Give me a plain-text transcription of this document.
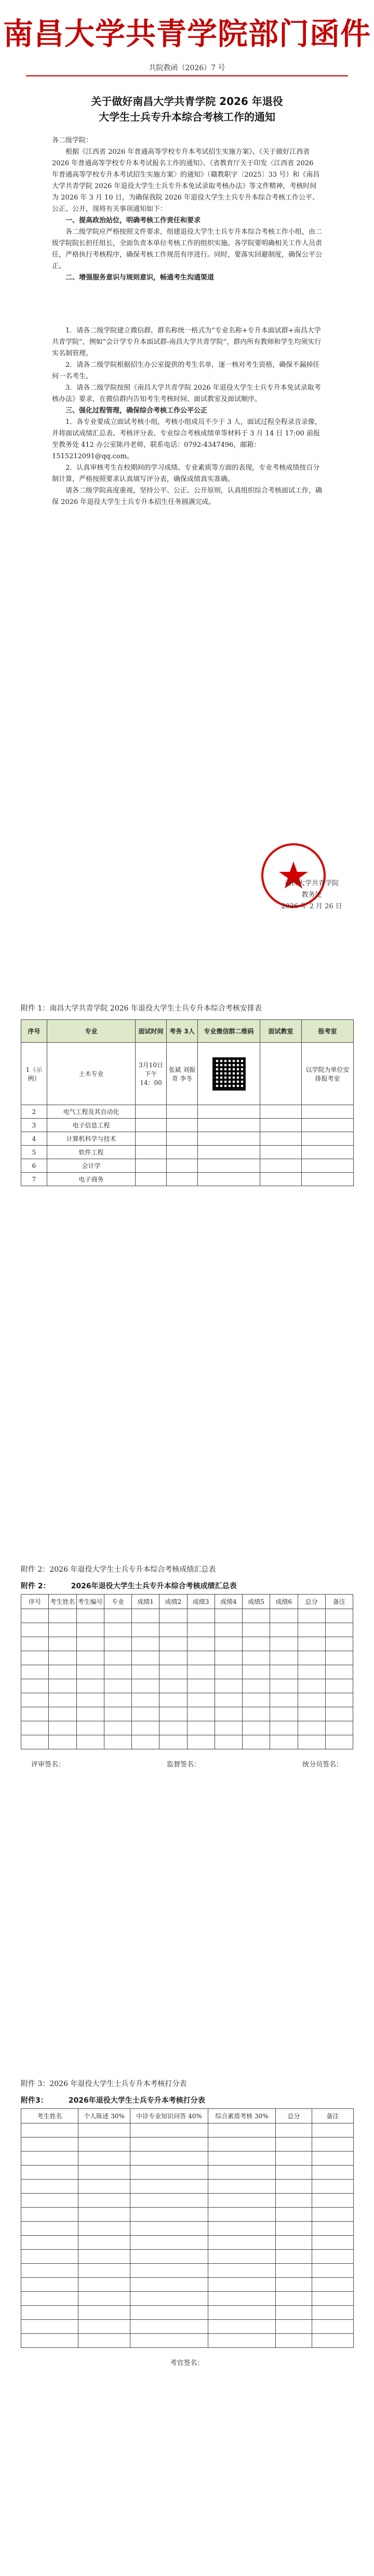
南昌大学共青学院部门函件
共院教函（2026）7 号
关于做好南昌大学共青学院 2026 年退役
大学生士兵专升本综合考核工作的通知

各二级学院：

根据《江西省 2026 年普通高等学校专升本考试招生实施方案》、《关于做好江西省 2026 年普通高等学校专升本考试报名工作的通知》、《省教育厅关于印发〈江西省 2026 年普通高等学校专升本考试招生实施方案〉的通知》（赣教职字〔2025〕33 号）和《南昌大学共青学院 2026 年退役大学生士兵专升本免试录取考核办法》等文件精神，考核时间为 2026 年 3 月 10 日，为确保我院 2026 年退役大学生士兵专升本综合考核工作公平、公正、公开，现将有关事项通知如下：

一、提高政治站位，明确考核工作责任和要求

各二级学院应严格按照文件要求，组建退役大学生士兵专升本综合考核工作小组，由二级学院院长担任组长，全面负责本单位考核工作的组织实施。各学院要明确相关工作人员责任，严格执行考核程序，确保考核工作规范有序进行。同时，要落实回避制度，确保公平公正。

二、增强服务意识与规则意识，畅通考生沟通渠道

1．请各二级学院建立微信群，群名称统一格式为“专业名称+专升本面试群+南昌大学共青学院”，例如“会计学专升本面试群-南昌大学共青学院”，群内所有教师和学生均须实行实名制管理。

2．请各二级学院根据招生办公室提供的考生名单，逐一核对考生资格，确保不漏掉任何一名考生。

3．请各二级学院按照《南昌大学共青学院 2026 年退役大学生士兵专升本免试录取考核办法》要求，在微信群内告知考生考核时间、面试教室及面试顺序。

三、强化过程管理，确保综合考核工作公平公正

1．各专业要成立面试考核小组，考核小组成员不少于 3 人，面试过程全程录音录像，并将面试成绩汇总表、考核评分表、专业综合考核成绩单等材料于 3 月 14 日 17:00 前报至教务处 412 办公室陈丹老师，联系电话：0792-4347496，邮箱：1515212091@qq.com。

2．认真审核考生在校期间的学习成绩、专业素质等方面的表现，专业考核成绩按百分制计算，严格按照要求认真填写评分表，确保成绩真实准确。

请各二级学院高度重视，坚持公平、公正、公开原则，认真组织综合考核面试工作，确保 2026 年退役大学生士兵专升本招生任务圆满完成。

南昌大学共青学院
教务处
2026 年 2 月 26 日
附件 1：南昌大学共青学院 2026 年退役大学生士兵专升本综合考核安排表
序号	专业	面试时间	考务 3人	专业微信群二维码	面试教室	报考室
1（示例）	土木专业	3月10日下午 14：00	张斌 刘振奇 李冬			以学院为单位安排报考室
2	电气工程及其自动化					
3	电子信息工程					
4	计算机科学与技术					
5	软件工程					
6	会计学					
7	电子商务					
附件 2：2026 年退役大学生士兵专升本综合考核成绩汇总表
附件 2：	2026年退役大学生士兵专升本综合考核成绩汇总表
序号	考生姓名	考生编号	专业	成绩1	成绩2	成绩3	成绩4	成绩5	成绩6	总分	备注

评审签名：	监督签名：	统分员签名：
附件 3：2026 年退役大学生士兵专升本考核打分表
附件3：	2026年退役大学生士兵专升本考核打分表
考生姓名	个人陈述 30%	中诊专业知识问答 40%	综合素质考核 30%	总分	备注

考官签名：
